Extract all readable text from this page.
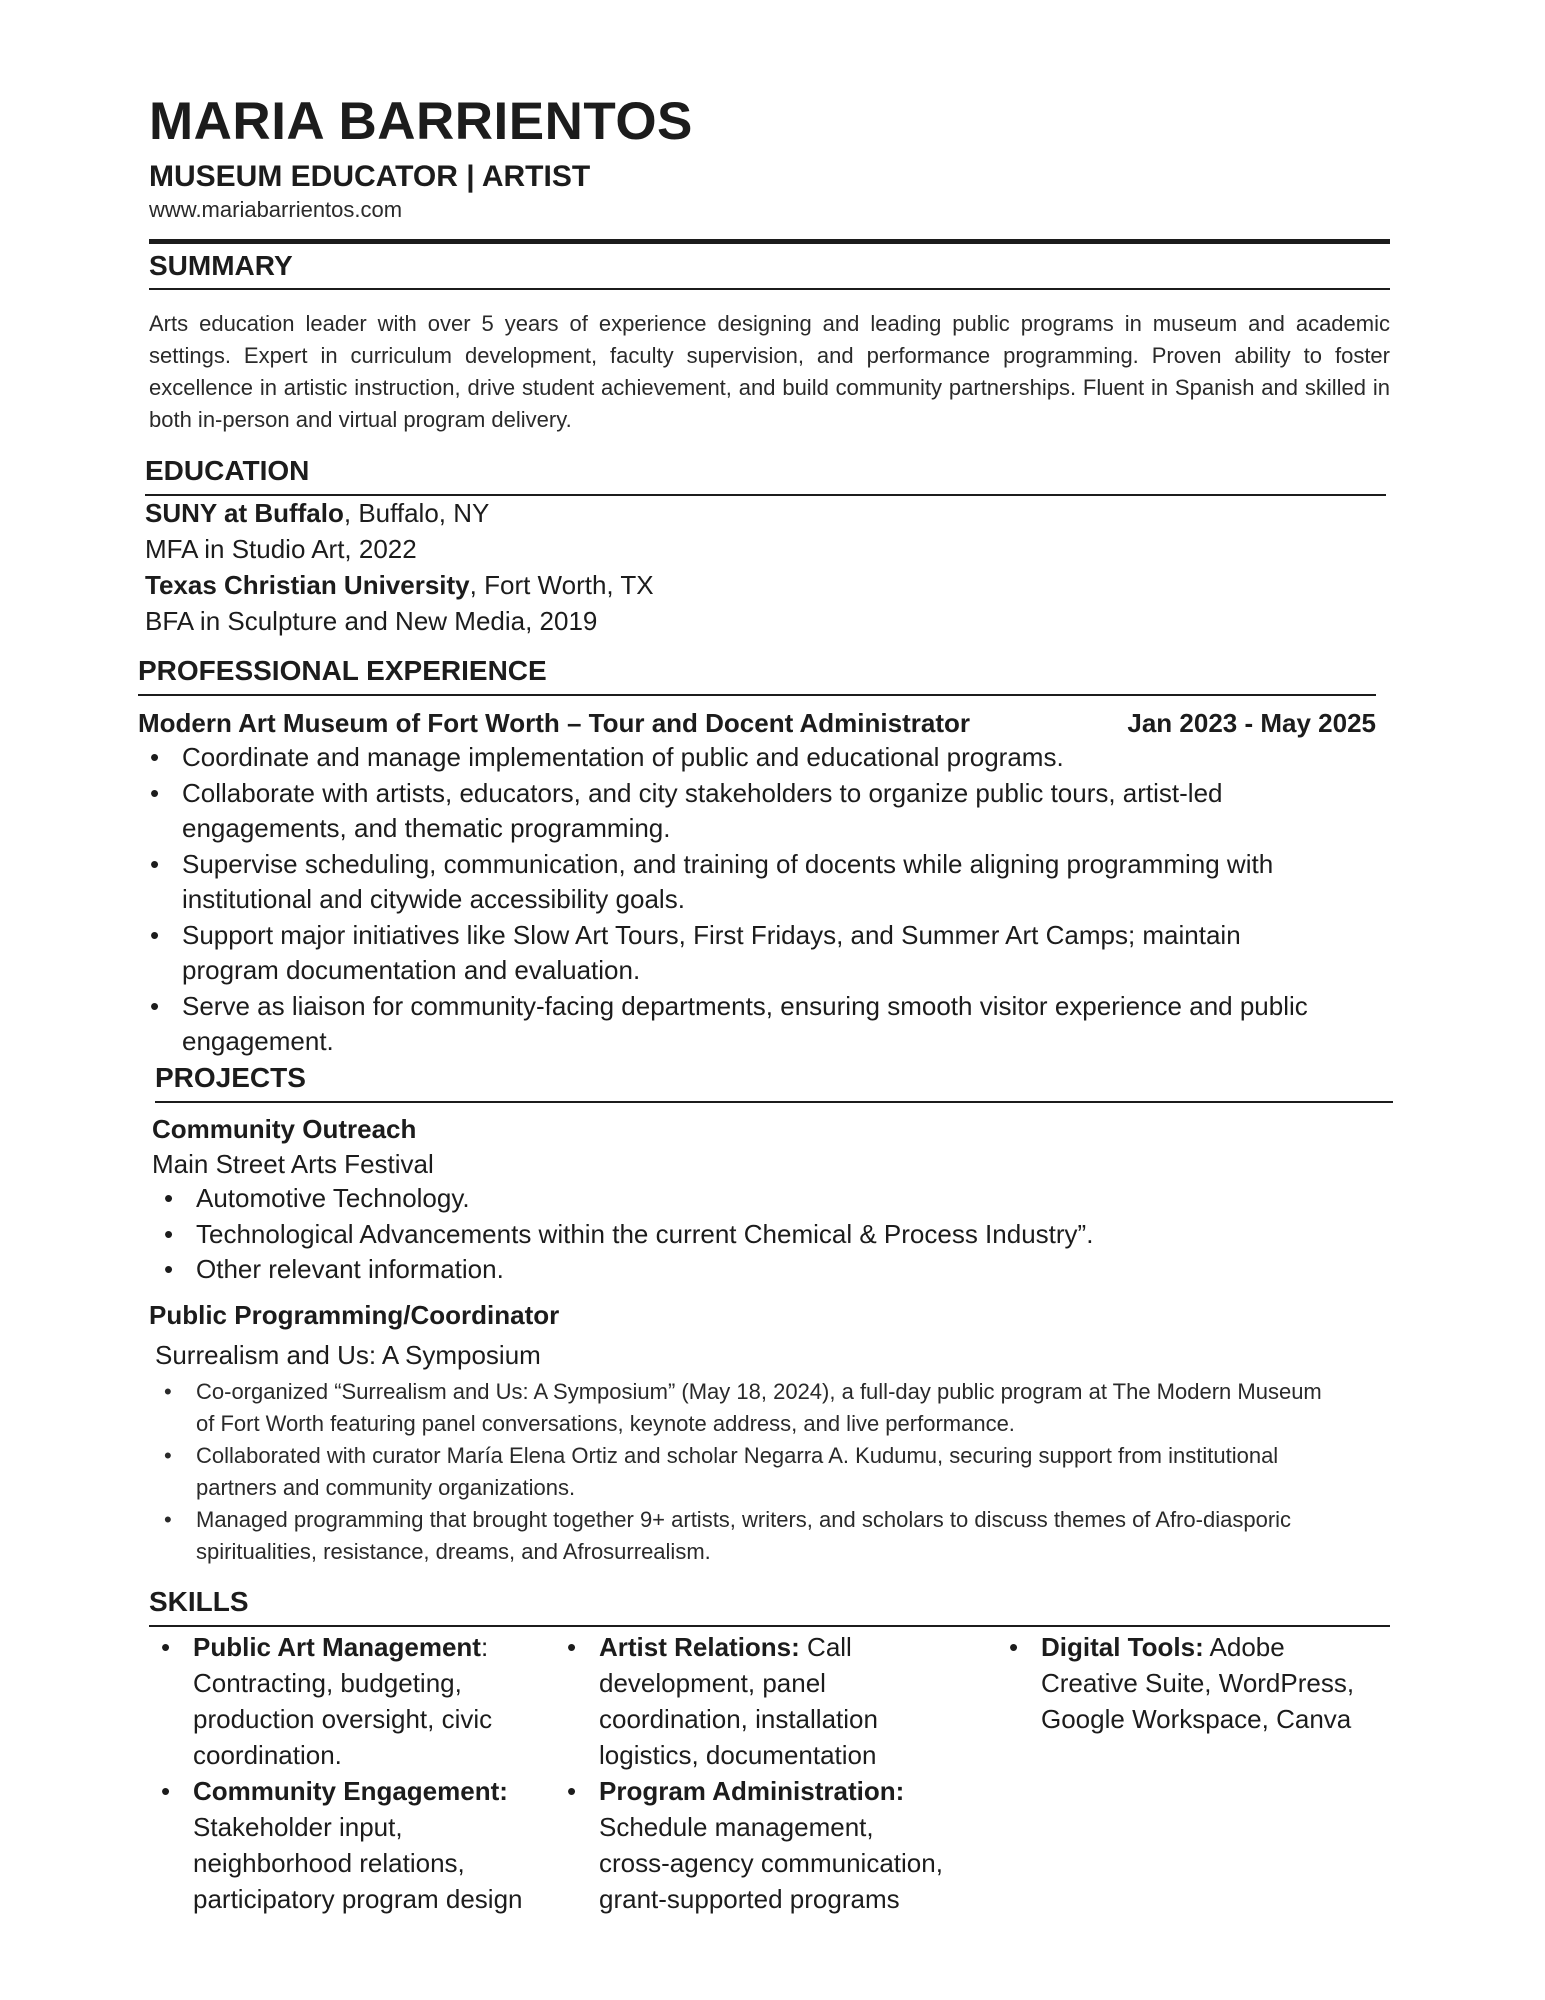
MARIA BARRIENTOS
MUSEUM EDUCATOR | ARTIST
www.mariabarrientos.com
SUMMARY

Arts education leader with over 5 years of experience designing and leading public programs in museum and academic settings. Expert in curriculum development, faculty supervision, and performance programming. Proven ability to foster excellence in artistic instruction, drive student achievement, and build community partnerships. Fluent in Spanish and skilled in both in-person and virtual program delivery.

EDUCATION
SUNY at Buffalo, Buffalo, NY
MFA in Studio Art, 2022
Texas Christian University, Fort Worth, TX
BFA in Sculpture and New Media, 2019
PROFESSIONAL EXPERIENCE
Modern Art Museum of Fort Worth – Tour and Docent Administrator	Jan 2023 - May 2025
• Coordinate and manage implementation of public and educational programs.
• Collaborate with artists, educators, and city stakeholders to organize public tours, artist-led engagements, and thematic programming.
• Supervise scheduling, communication, and training of docents while aligning programming with institutional and citywide accessibility goals.
• Support major initiatives like Slow Art Tours, First Fridays, and Summer Art Camps; maintain program documentation and evaluation.
• Serve as liaison for community-facing departments, ensuring smooth visitor experience and public engagement.
PROJECTS
Community Outreach
Main Street Arts Festival
• Automotive Technology.
• Technological Advancements within the current Chemical & Process Industry”.
• Other relevant information.
Public Programming/Coordinator
Surrealism and Us: A Symposium
• Co-organized “Surrealism and Us: A Symposium” (May 18, 2024), a full-day public program at The Modern Museum of Fort Worth featuring panel conversations, keynote address, and live performance.
• Collaborated with curator María Elena Ortiz and scholar Negarra A. Kudumu, securing support from institutional partners and community organizations.
• Managed programming that brought together 9+ artists, writers, and scholars to discuss themes of Afro-diasporic spiritualities, resistance, dreams, and Afrosurrealism.
SKILLS
• Public Art Management: Contracting, budgeting, production oversight, civic coordination.
• Community Engagement: Stakeholder input, neighborhood relations, participatory program design
• Artist Relations: Call development, panel coordination, installation logistics, documentation
• Program Administration: Schedule management, cross-agency communication, grant-supported programs
• Digital Tools: Adobe Creative Suite, WordPress, Google Workspace, Canva
